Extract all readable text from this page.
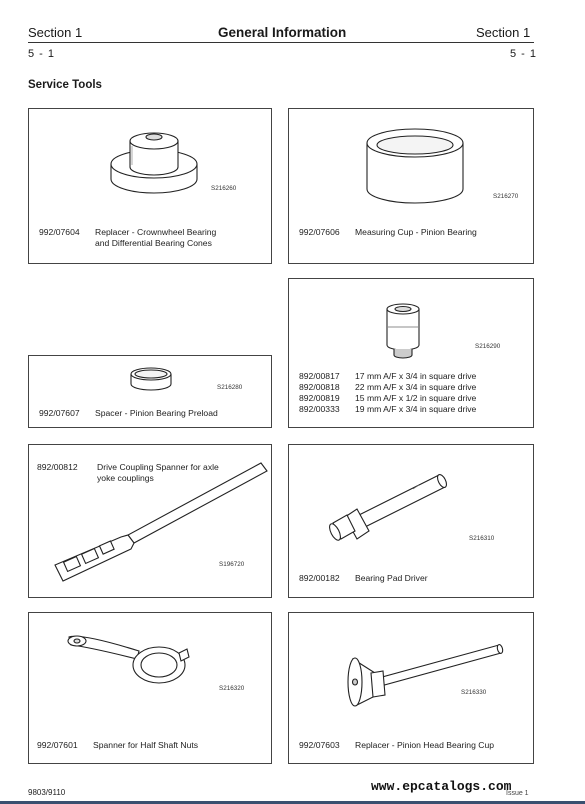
Section 1	General Information	Section 1
5 - 1	5 - 1
Service Tools
S216260
992/07604 Replacer - Crownwheel Bearing
and Differential Bearing Cones
S216270
992/07606 Measuring Cup - Pinion Bearing
S216290
892/00817 17 mm A/F x 3/4 in square drive
892/00818 22 mm A/F x 3/4 in square drive
892/00819 15 mm A/F x 1/2 in square drive
892/00333 19 mm A/F x 3/4 in square drive
S216280
992/07607 Spacer - Pinion Bearing Preload
S196720
892/00812 Drive Coupling Spanner for axle
yoke couplings
S216310
892/00182 Bearing Pad Driver
S216320
992/07601 Spanner for Half Shaft Nuts
S216330
992/07603 Replacer - Pinion Head Bearing Cup
9803/9110	www.epcatalogs.com
Issue 1
